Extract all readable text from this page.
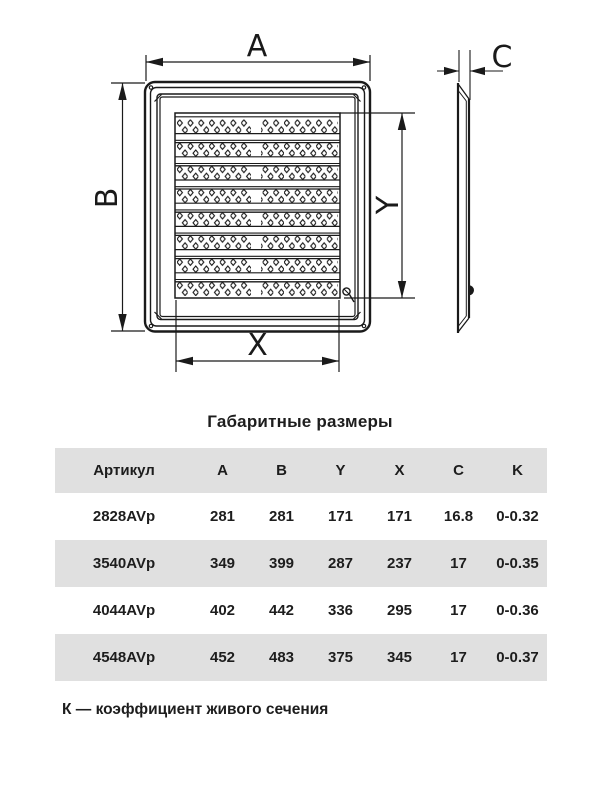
A
B	Y
X
C
Габаритные размеры
Артикул	A	B	Y	X	C	K
2828AVp	281	281	171	171	16.8	0-0.32
3540AVp	349	399	287	237	17	0-0.35
4044AVp	402	442	336	295	17	0-0.36
4548AVp	452	483	375	345	17	0-0.37
К — коэффициент живого сечения
